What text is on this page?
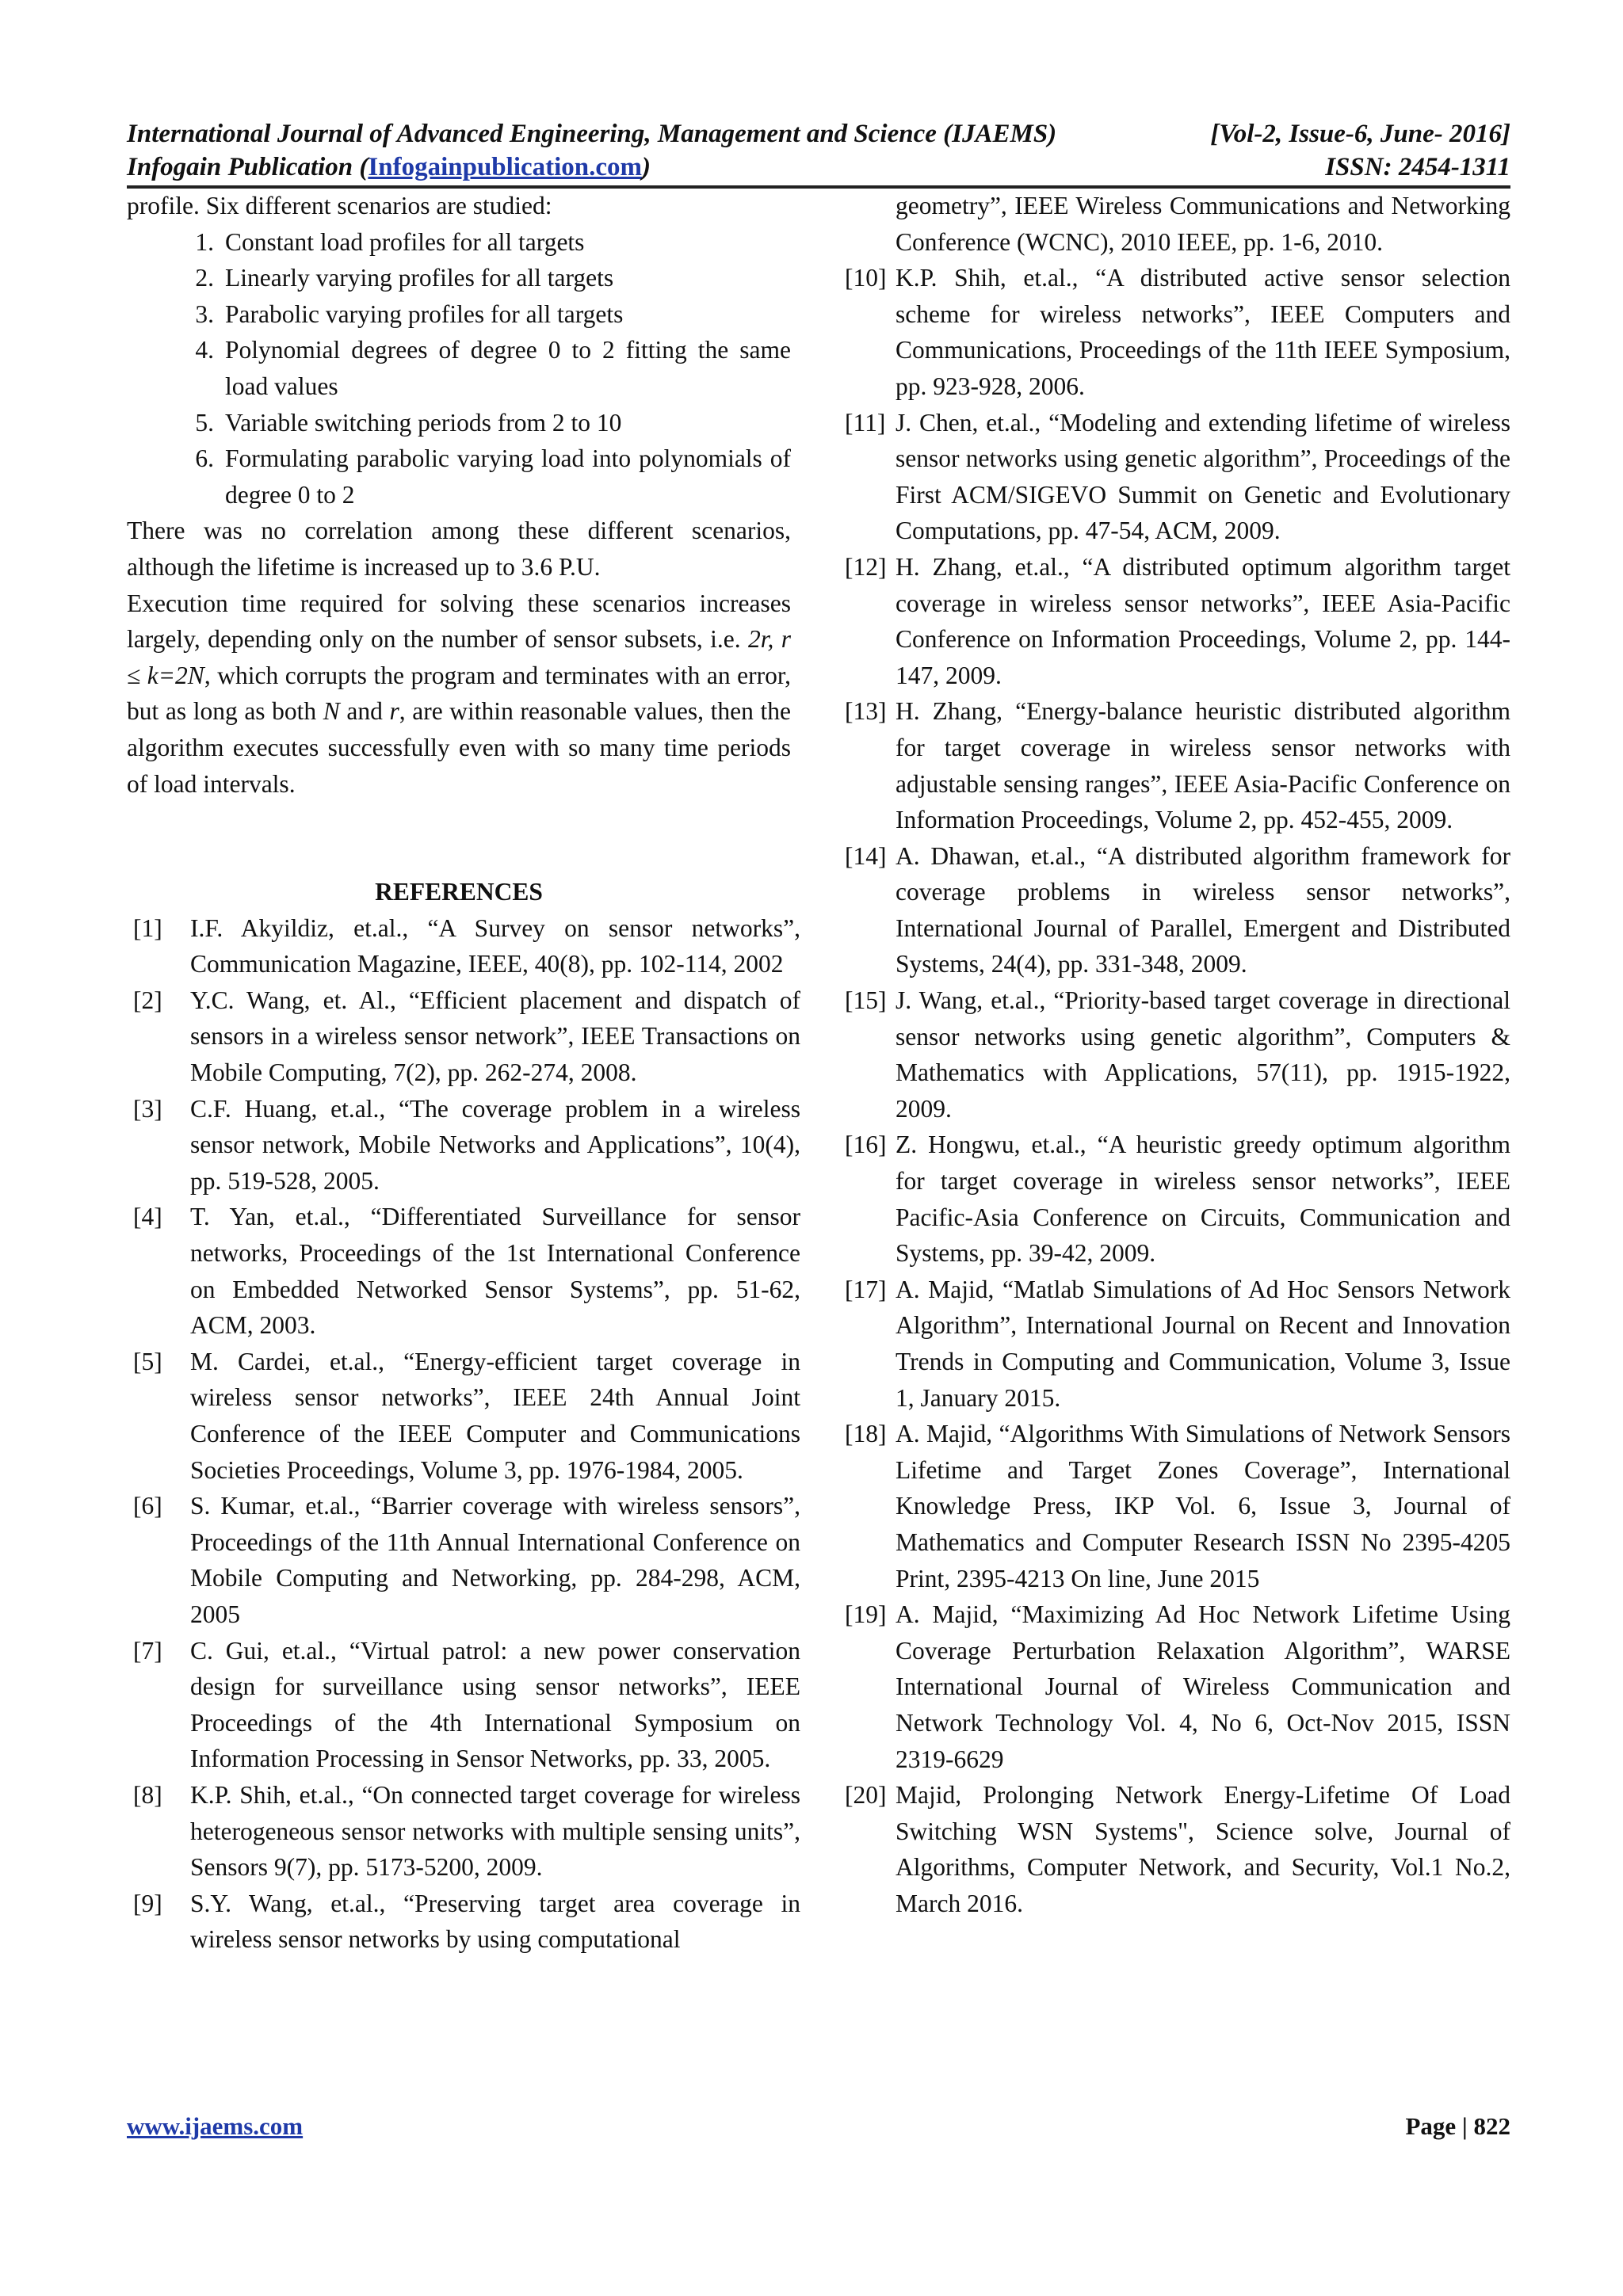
International Journal of Advanced Engineering, Management and Science (IJAEMS)	[Vol-2, Issue-6, June- 2016]
Infogain Publication (Infogainpublication.com)	ISSN: 2454-1311

profile. Six different scenarios are studied:

1. Constant load profiles for all targets
2. Linearly varying profiles for all targets
3. Parabolic varying profiles for all targets
4. Polynomial degrees of degree 0 to 2 fitting the same load values
5. Variable switching periods from 2 to 10
6. Formulating parabolic varying load into polynomials of degree 0 to 2

There was no correlation among these different scenarios, although the lifetime is increased up to 3.6 P.U.

Execution time required for solving these scenarios increases largely, depending only on the number of sensor subsets, i.e. 2r, r ≤ k=2N, which corrupts the program and terminates with an error, but as long as both N and r, are within reasonable values, then the algorithm executes successfully even with so many time periods of load intervals.

REFERENCES

[1] I.F. Akyildiz, et.al., “A Survey on sensor networks”, Communication Magazine, IEEE, 40(8), pp. 102-114, 2002
[2] Y.C. Wang, et. Al., “Efficient placement and dispatch of sensors in a wireless sensor network”, IEEE Transactions on Mobile Computing, 7(2), pp. 262-274, 2008.
[3] C.F. Huang, et.al., “The coverage problem in a wireless sensor network, Mobile Networks and Applications”, 10(4), pp. 519-528, 2005.
[4] T. Yan, et.al., “Differentiated Surveillance for sensor networks, Proceedings of the 1st International Conference on Embedded Networked Sensor Systems”, pp. 51-62, ACM, 2003.
[5] M. Cardei, et.al., “Energy-efficient target coverage in wireless sensor networks”, IEEE 24th Annual Joint Conference of the IEEE Computer and Communications Societies Proceedings, Volume 3, pp. 1976-1984, 2005.
[6] S. Kumar, et.al., “Barrier coverage with wireless sensors”, Proceedings of the 11th Annual International Conference on Mobile Computing and Networking, pp. 284-298, ACM, 2005
[7] C. Gui, et.al., “Virtual patrol: a new power conservation design for surveillance using sensor networks”, IEEE Proceedings of the 4th International Symposium on Information Processing in Sensor Networks, pp. 33, 2005.
[8] K.P. Shih, et.al., “On connected target coverage for wireless heterogeneous sensor networks with multiple sensing units”, Sensors 9(7), pp. 5173-5200, 2009.
[9] S.Y. Wang, et.al., “Preserving target area coverage in wireless sensor networks by using computational
geometry”, IEEE Wireless Communications and Networking Conference (WCNC), 2010 IEEE, pp. 1-6, 2010.
[10] K.P. Shih, et.al., “A distributed active sensor selection scheme for wireless networks”, IEEE Computers and Communications, Proceedings of the 11th IEEE Symposium, pp. 923-928, 2006.
[11] J. Chen, et.al., “Modeling and extending lifetime of wireless sensor networks using genetic algorithm”, Proceedings of the First ACM/SIGEVO Summit on Genetic and Evolutionary Computations, pp. 47-54, ACM, 2009.
[12] H. Zhang, et.al., “A distributed optimum algorithm target coverage in wireless sensor networks”, IEEE Asia-Pacific Conference on Information Proceedings, Volume 2, pp. 144-147, 2009.
[13] H. Zhang, “Energy-balance heuristic distributed algorithm for target coverage in wireless sensor networks with adjustable sensing ranges”, IEEE Asia-Pacific Conference on Information Proceedings, Volume 2, pp. 452-455, 2009.
[14] A. Dhawan, et.al., “A distributed algorithm framework for coverage problems in wireless sensor networks”, International Journal of Parallel, Emergent and Distributed Systems, 24(4), pp. 331-348, 2009.
[15] J. Wang, et.al., “Priority-based target coverage in directional sensor networks using genetic algorithm”, Computers & Mathematics with Applications, 57(11), pp. 1915-1922, 2009.
[16] Z. Hongwu, et.al., “A heuristic greedy optimum algorithm for target coverage in wireless sensor networks”, IEEE Pacific-Asia Conference on Circuits, Communication and Systems, pp. 39-42, 2009.
[17] A. Majid, “Matlab Simulations of Ad Hoc Sensors Network Algorithm”, International Journal on Recent and Innovation Trends in Computing and Communication, Volume 3, Issue 1, January 2015.
[18] A. Majid, “Algorithms With Simulations of Network Sensors Lifetime and Target Zones Coverage”, International Knowledge Press, IKP Vol. 6, Issue 3, Journal of Mathematics and Computer Research ISSN No 2395-4205 Print, 2395-4213 On line, June 2015
[19] A. Majid, “Maximizing Ad Hoc Network Lifetime Using Coverage Perturbation Relaxation Algorithm”, WARSE International Journal of Wireless Communication and Network Technology Vol. 4, No 6, Oct-Nov 2015, ISSN 2319-6629
[20] Majid, Prolonging Network Energy-Lifetime Of Load Switching WSN Systems", Science solve, Journal of Algorithms, Computer Network, and Security, Vol.1 No.2, March 2016.
www.ijaems.com	Page | 822
